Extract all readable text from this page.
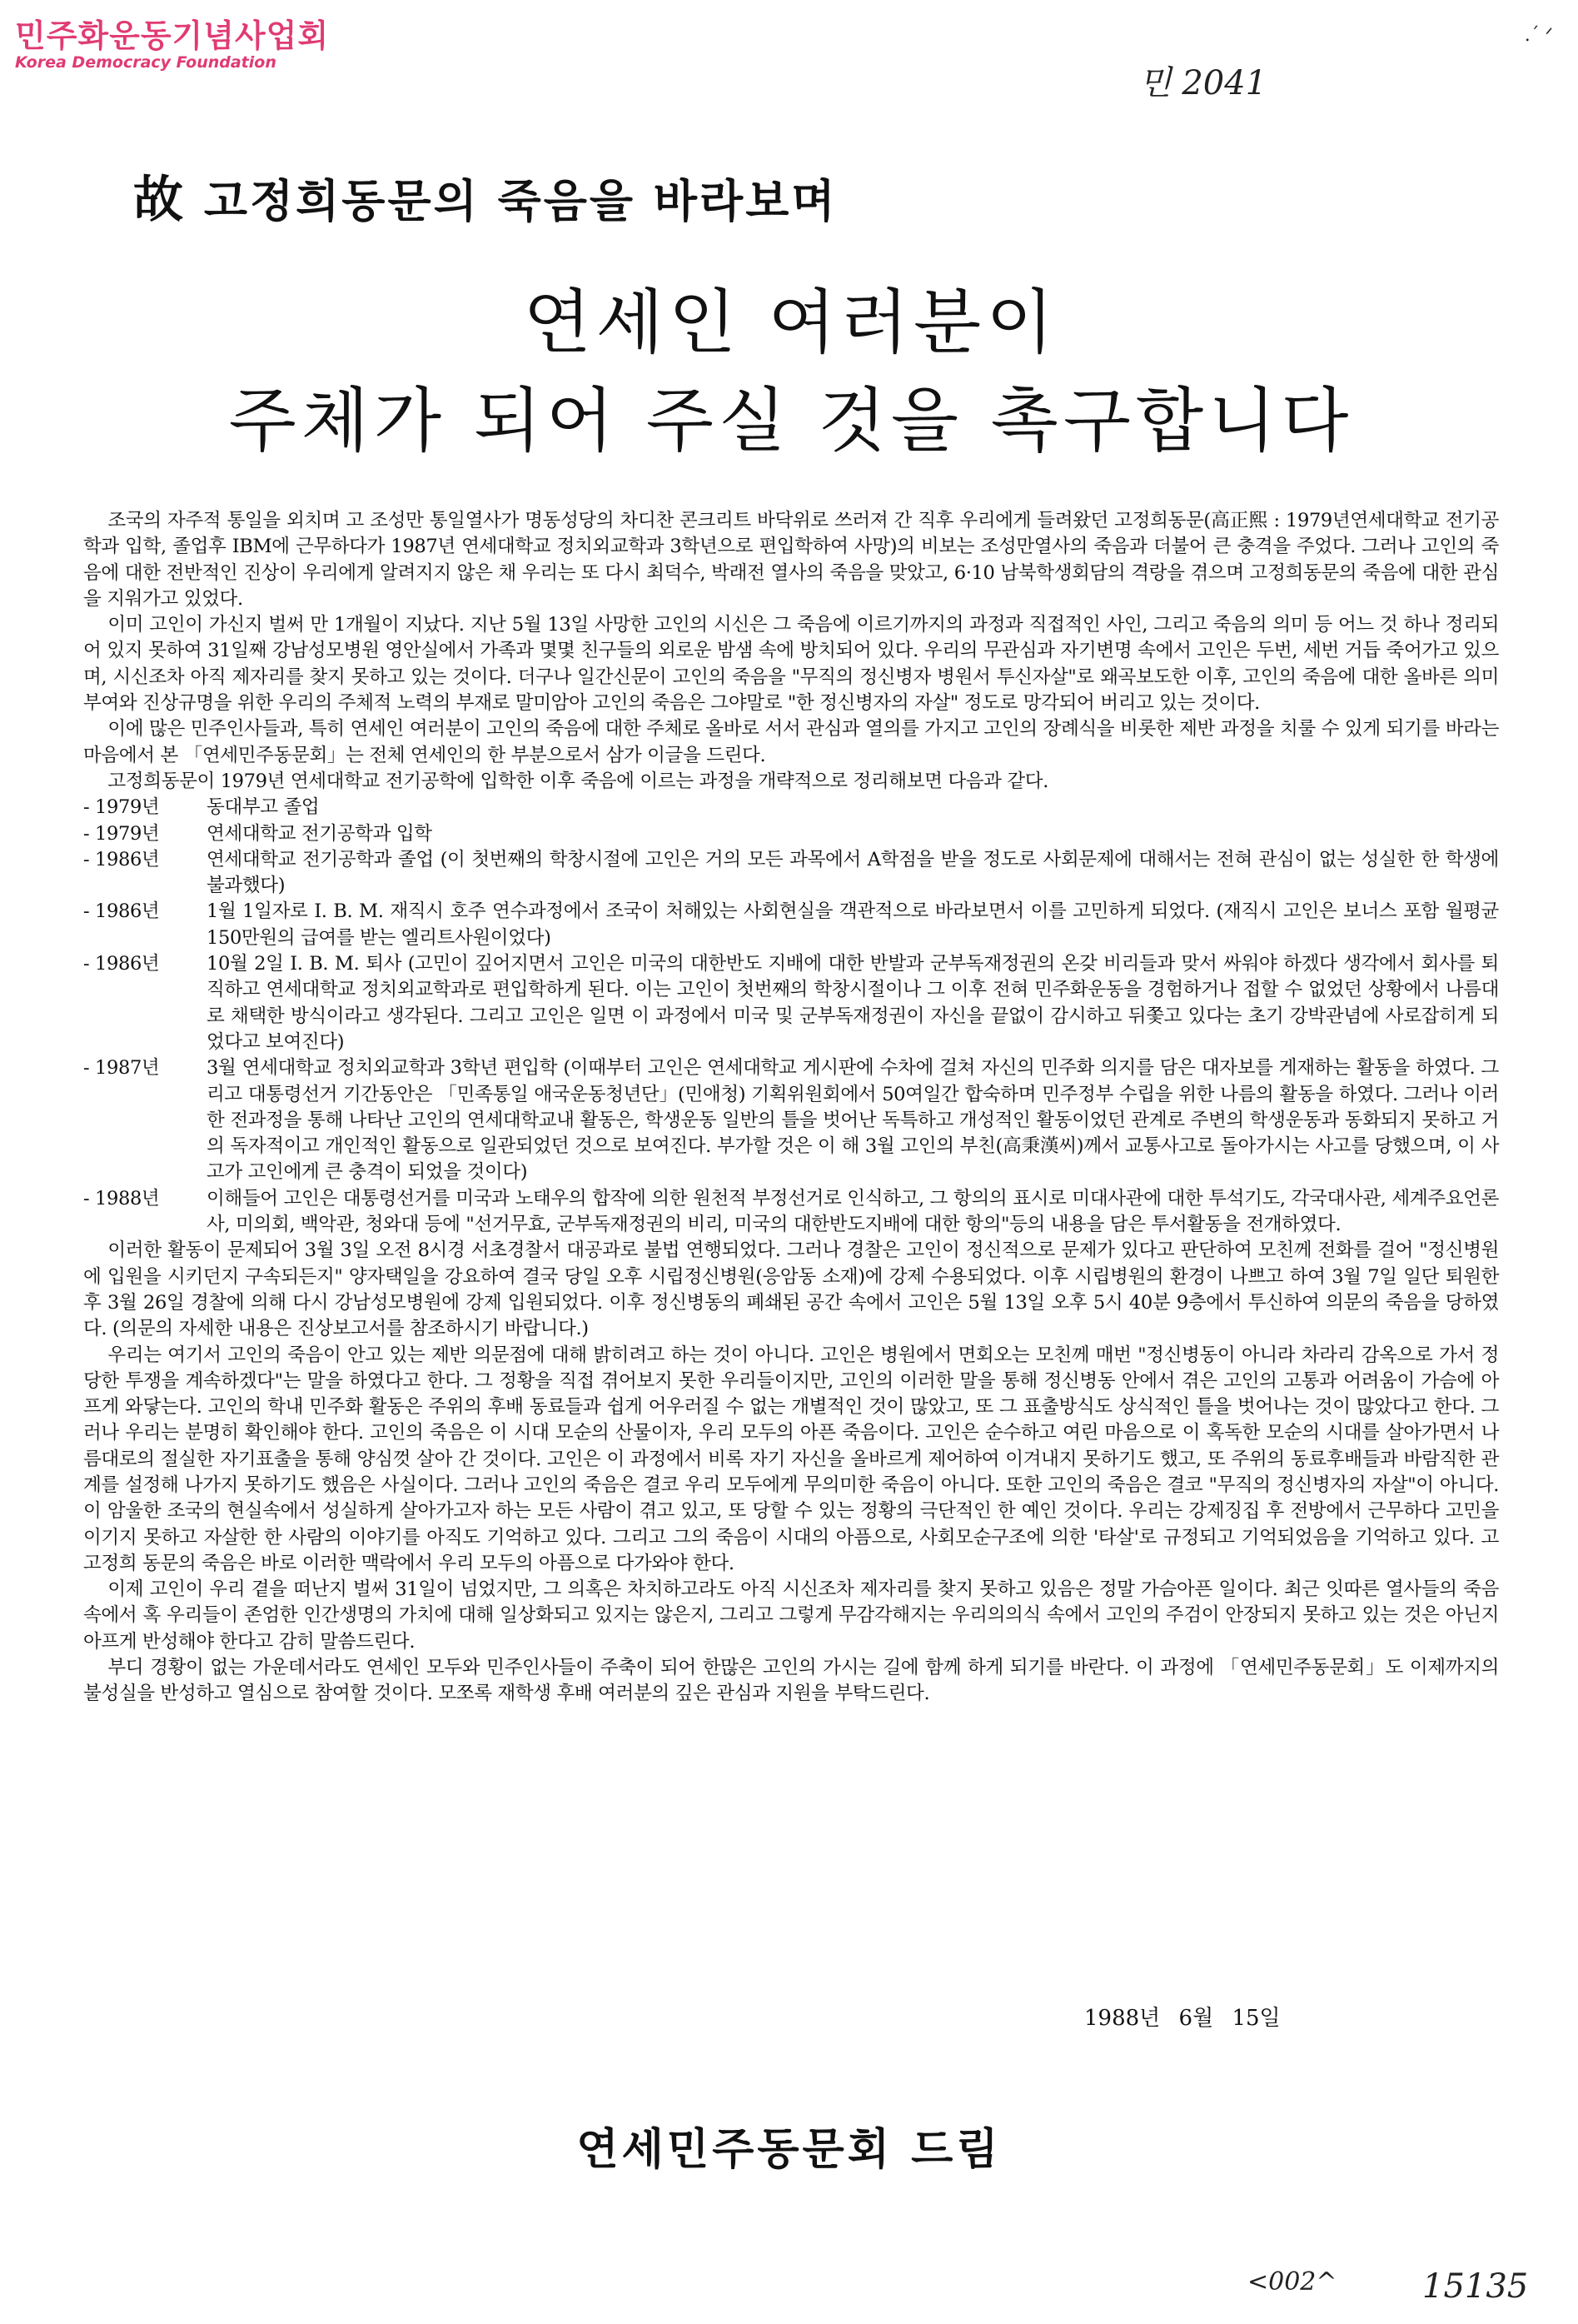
민주화운동기념사업회
Korea Democracy Foundation
.ˊ ᐟ
민 2041
故 고정희동문의 죽음을 바라보며
연세인 여러분이
주체가 되어 주실 것을 촉구합니다

조국의 자주적 통일을 외치며 고 조성만 통일열사가 명동성당의 차디찬 콘크리트 바닥위로 쓰러져 간 직후 우리에게 들려왔던 고정희동문(高正熙 : 1979년연세대학교 전기공학과 입학, 졸업후 IBM에 근무하다가 1987년 연세대학교 정치외교학과 3학년으로 편입학하여 사망)의 비보는 조성만열사의 죽음과 더불어 큰 충격을 주었다. 그러나 고인의 죽음에 대한 전반적인 진상이 우리에게 알려지지 않은 채 우리는 또 다시 최덕수, 박래전 열사의 죽음을 맞았고, 6·10 남북학생회담의 격랑을 겪으며 고정희동문의 죽음에 대한 관심을 지워가고 있었다.

이미 고인이 가신지 벌써 만 1개월이 지났다. 지난 5월 13일 사망한 고인의 시신은 그 죽음에 이르기까지의 과정과 직접적인 사인, 그리고 죽음의 의미 등 어느 것 하나 정리되어 있지 못하여 31일째 강남성모병원 영안실에서 가족과 몇몇 친구들의 외로운 밤샘 속에 방치되어 있다. 우리의 무관심과 자기변명 속에서 고인은 두번, 세번 거듭 죽어가고 있으며, 시신조차 아직 제자리를 찾지 못하고 있는 것이다. 더구나 일간신문이 고인의 죽음을 "무직의 정신병자 병원서 투신자살"로 왜곡보도한 이후, 고인의 죽음에 대한 올바른 의미부여와 진상규명을 위한 우리의 주체적 노력의 부재로 말미암아 고인의 죽음은 그야말로 "한 정신병자의 자살" 정도로 망각되어 버리고 있는 것이다.

이에 많은 민주인사들과, 특히 연세인 여러분이 고인의 죽음에 대한 주체로 올바로 서서 관심과 열의를 가지고 고인의 장례식을 비롯한 제반 과정을 치룰 수 있게 되기를 바라는 마음에서 본 「연세민주동문회」는 전체 연세인의 한 부분으로서 삼가 이글을 드린다.

고정희동문이 1979년 연세대학교 전기공학에 입학한 이후 죽음에 이르는 과정을 개략적으로 정리해보면 다음과 같다.

- 1979년	동대부고 졸업
- 1979년	연세대학교 전기공학과 입학
- 1986년	연세대학교 전기공학과 졸업 (이 첫번째의 학창시절에 고인은 거의 모든 과목에서 A학점을 받을 정도로 사회문제에 대해서는 전혀 관심이 없는 성실한 한 학생에 불과했다)
- 1986년	1월 1일자로 I. B. M. 재직시 호주 연수과정에서 조국이 처해있는 사회현실을 객관적으로 바라보면서 이를 고민하게 되었다. (재직시 고인은 보너스 포함 월평균 150만원의 급여를 받는 엘리트사원이었다)
- 1986년	10월 2일 I. B. M. 퇴사 (고민이 깊어지면서 고인은 미국의 대한반도 지배에 대한 반발과 군부독재정권의 온갖 비리들과 맞서 싸워야 하겠다 생각에서 회사를 퇴직하고 연세대학교 정치외교학과로 편입학하게 된다. 이는 고인이 첫번째의 학창시절이나 그 이후 전혀 민주화운동을 경험하거나 접할 수 없었던 상황에서 나름대로 채택한 방식이라고 생각된다. 그리고 고인은 일면 이 과정에서 미국 및 군부독재정권이 자신을 끝없이 감시하고 뒤쫓고 있다는 초기 강박관념에 사로잡히게 되었다고 보여진다)
- 1987년	3월 연세대학교 정치외교학과 3학년 편입학 (이때부터 고인은 연세대학교 게시판에 수차에 걸쳐 자신의 민주화 의지를 담은 대자보를 게재하는 활동을 하였다. 그리고 대통령선거 기간동안은 「민족통일 애국운동청년단」(민애청) 기획위원회에서 50여일간 합숙하며 민주정부 수립을 위한 나름의 활동을 하였다. 그러나 이러한 전과정을 통해 나타난 고인의 연세대학교내 활동은, 학생운동 일반의 틀을 벗어난 독특하고 개성적인 활동이었던 관계로 주변의 학생운동과 동화되지 못하고 거의 독자적이고 개인적인 활동으로 일관되었던 것으로 보여진다. 부가할 것은 이 해 3월 고인의 부친(高秉漢씨)께서 교통사고로 돌아가시는 사고를 당했으며, 이 사고가 고인에게 큰 충격이 되었을 것이다)
- 1988년	이해들어 고인은 대통령선거를 미국과 노태우의 합작에 의한 원천적 부정선거로 인식하고, 그 항의의 표시로 미대사관에 대한 투석기도, 각국대사관, 세계주요언론사, 미의회, 백악관, 청와대 등에 "선거무효, 군부독재정권의 비리, 미국의 대한반도지배에 대한 항의"등의 내용을 담은 투서활동을 전개하였다.

이러한 활동이 문제되어 3월 3일 오전 8시경 서초경찰서 대공과로 불법 연행되었다. 그러나 경찰은 고인이 정신적으로 문제가 있다고 판단하여 모친께 전화를 걸어 "정신병원에 입원을 시키던지 구속되든지" 양자택일을 강요하여 결국 당일 오후 시립정신병원(응암동 소재)에 강제 수용되었다. 이후 시립병원의 환경이 나쁘고 하여 3월 7일 일단 퇴원한 후 3월 26일 경찰에 의해 다시 강남성모병원에 강제 입원되었다. 이후 정신병동의 폐쇄된 공간 속에서 고인은 5월 13일 오후 5시 40분 9층에서 투신하여 의문의 죽음을 당하였다. (의문의 자세한 내용은 진상보고서를 참조하시기 바랍니다.)

우리는 여기서 고인의 죽음이 안고 있는 제반 의문점에 대해 밝히려고 하는 것이 아니다. 고인은 병원에서 면회오는 모친께 매번 "정신병동이 아니라 차라리 감옥으로 가서 정당한 투쟁을 계속하겠다"는 말을 하였다고 한다. 그 정황을 직접 겪어보지 못한 우리들이지만, 고인의 이러한 말을 통해 정신병동 안에서 겪은 고인의 고통과 어려움이 가슴에 아프게 와닿는다. 고인의 학내 민주화 활동은 주위의 후배 동료들과 쉽게 어우러질 수 없는 개별적인 것이 많았고, 또 그 표출방식도 상식적인 틀을 벗어나는 것이 많았다고 한다. 그러나 우리는 분명히 확인해야 한다. 고인의 죽음은 이 시대 모순의 산물이자, 우리 모두의 아픈 죽음이다. 고인은 순수하고 여린 마음으로 이 혹독한 모순의 시대를 살아가면서 나름대로의 절실한 자기표출을 통해 양심껏 살아 간 것이다. 고인은 이 과정에서 비록 자기 자신을 올바르게 제어하여 이겨내지 못하기도 했고, 또 주위의 동료후배들과 바람직한 관계를 설정해 나가지 못하기도 했음은 사실이다. 그러나 고인의 죽음은 결코 우리 모두에게 무의미한 죽음이 아니다. 또한 고인의 죽음은 결코 "무직의 정신병자의 자살"이 아니다. 이 암울한 조국의 현실속에서 성실하게 살아가고자 하는 모든 사람이 겪고 있고, 또 당할 수 있는 정황의 극단적인 한 예인 것이다. 우리는 강제징집 후 전방에서 근무하다 고민을 이기지 못하고 자살한 한 사람의 이야기를 아직도 기억하고 있다. 그리고 그의 죽음이 시대의 아픔으로, 사회모순구조에 의한 '타살'로 규정되고 기억되었음을 기억하고 있다. 고 고정희 동문의 죽음은 바로 이러한 맥락에서 우리 모두의 아픔으로 다가와야 한다.

이제 고인이 우리 곁을 떠난지 벌써 31일이 넘었지만, 그 의혹은 차치하고라도 아직 시신조차 제자리를 찾지 못하고 있음은 정말 가슴아픈 일이다. 최근 잇따른 열사들의 죽음 속에서 혹 우리들이 존엄한 인간생명의 가치에 대해 일상화되고 있지는 않은지, 그리고 그렇게 무감각해지는 우리의의식 속에서 고인의 주검이 안장되지 못하고 있는 것은 아닌지 아프게 반성해야 한다고 감히 말씀드린다.

부디 경황이 없는 가운데서라도 연세인 모두와 민주인사들이 주축이 되어 한많은 고인의 가시는 길에 함께 하게 되기를 바란다. 이 과정에 「연세민주동문회」도 이제까지의 불성실을 반성하고 열심으로 참여할 것이다. 모쪼록 재학생 후배 여러분의 깊은 관심과 지원을 부탁드린다.

1988년 6월 15일
연세민주동문회 드림
<002^	15135
